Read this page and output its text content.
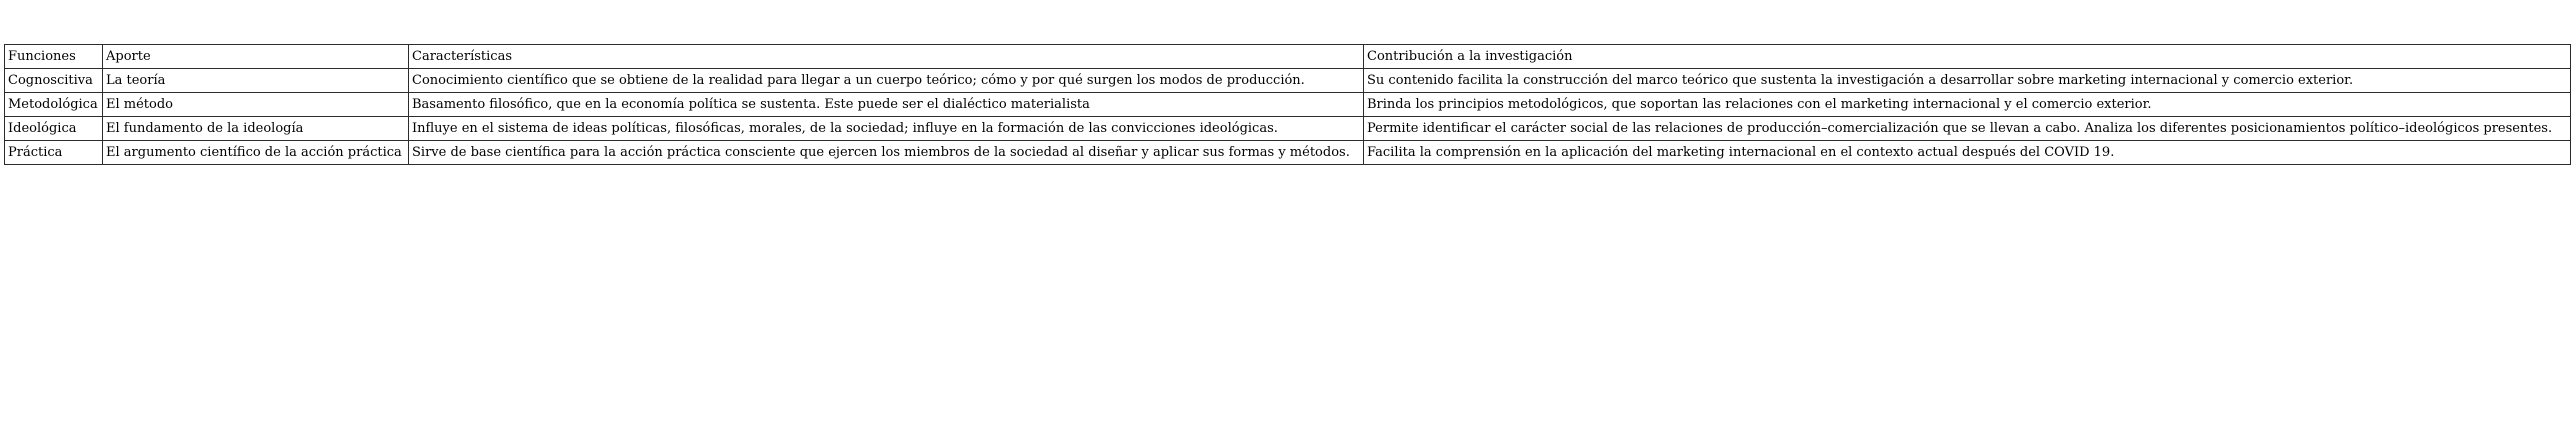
Funciones	Aporte	Características	Contribución a la investigación
Cognoscitiva	La teoría	Conocimiento científico que se obtiene de la realidad para llegar a un cuerpo teórico; cómo y por qué surgen los modos de producción.	Su contenido facilita la construcción del marco teórico que sustenta la investigación a desarrollar sobre marketing internacional y comercio exterior.
Metodológica	El método	Basamento filosófico, que en la economía política se sustenta. Este puede ser el dialéctico materialista	Brinda los principios metodológicos, que soportan las relaciones con el marketing internacional y el comercio exterior.
Ideológica	El fundamento de la ideología	Influye en el sistema de ideas políticas, filosóficas, morales, de la sociedad; influye en la formación de las convicciones ideológicas.	Permite identificar el carácter social de las relaciones de producción–comercialización que se llevan a cabo. Analiza los diferentes posicionamientos político–ideológicos presentes.
Práctica	El argumento científico de la acción práctica	Sirve de base científica para la acción práctica consciente que ejercen los miembros de la sociedad al diseñar y aplicar sus formas y métodos.	Facilita la comprensión en la aplicación del marketing internacional en el contexto actual después del COVID 19.
